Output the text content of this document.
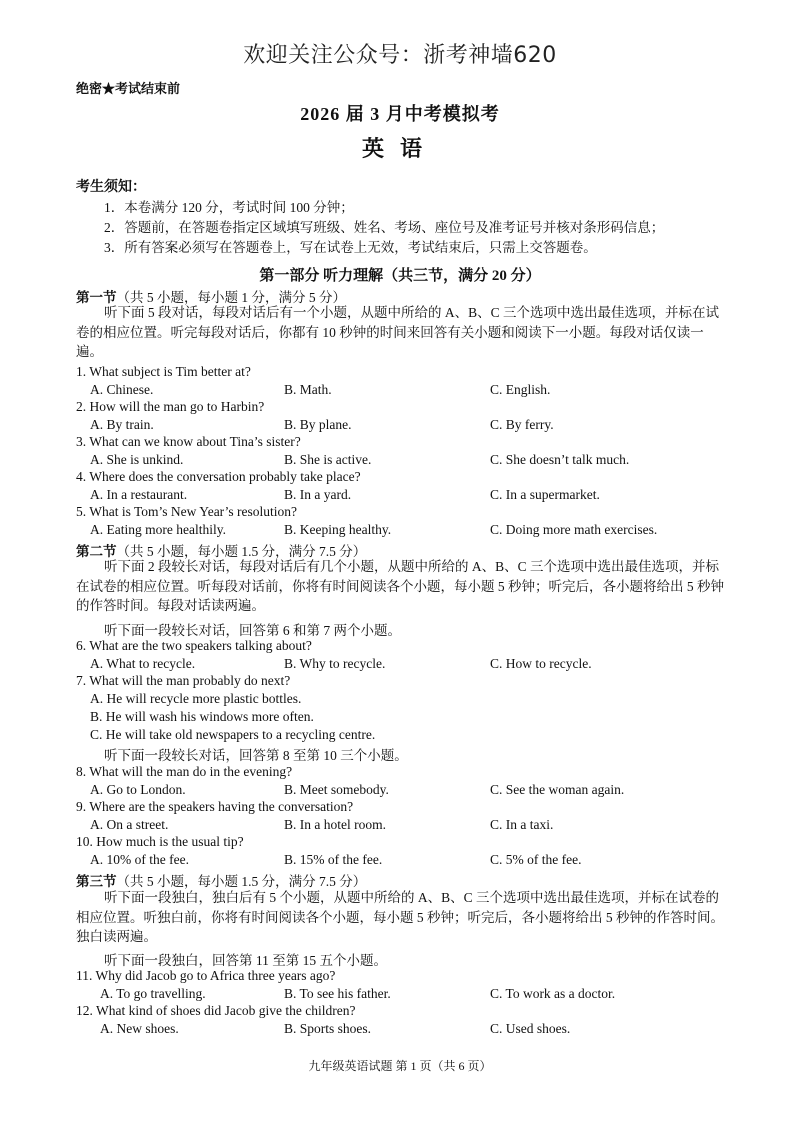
欢迎关注公众号：浙考神墙620
绝密★考试结束前
2026 届 3 月中考模拟考
英语
考生须知：
1．本卷满分 120 分，考试时间 100 分钟；
2．答题前，在答题卷指定区域填写班级、姓名、考场、座位号及准考证号并核对条形码信息；
3．所有答案必须写在答题卷上，写在试卷上无效，考试结束后，只需上交答题卷。
第一部分 听力理解（共三节，满分 20 分）
第一节（共 5 小题，每小题 1 分，满分 5 分）
听下面 5 段对话，每段对话后有一个小题，从题中所给的 A、B、C 三个选项中选出最佳选项，并标在试卷的相应位置。听完每段对话后，你都有 10 秒钟的时间来回答有关小题和阅读下一小题。每段对话仅读一遍。
1. What subject is Tim better at?
A. Chinese.	B. Math.	C. English.
2. How will the man go to Harbin?
A. By train.	B. By plane.	C. By ferry.
3. What can we know about Tina’s sister?
A. She is unkind.	B. She is active.	C. She doesn’t talk much.
4. Where does the conversation probably take place?
A. In a restaurant.	B. In a yard.	C. In a supermarket.
5. What is Tom’s New Year’s resolution?
A. Eating more healthily.	B. Keeping healthy.	C. Doing more math exercises.
第二节（共 5 小题，每小题 1.5 分，满分 7.5 分）
听下面 2 段较长对话，每段对话后有几个小题，从题中所给的 A、B、C 三个选项中选出最佳选项，并标在试卷的相应位置。听每段对话前，你将有时间阅读各个小题，每小题 5 秒钟；听完后，各小题将给出 5 秒钟的作答时间。每段对话读两遍。
听下面一段较长对话，回答第 6 和第 7 两个小题。
6. What are the two speakers talking about?
A. What to recycle.	B. Why to recycle.	C. How to recycle.
7. What will the man probably do next?
A. He will recycle more plastic bottles.
B. He will wash his windows more often.
C. He will take old newspapers to a recycling centre.
听下面一段较长对话，回答第 8 至第 10 三个小题。
8. What will the man do in the evening?
A. Go to London.	B. Meet somebody.	C. See the woman again.
9. Where are the speakers having the conversation?
A. On a street.	B. In a hotel room.	C. In a taxi.
10. How much is the usual tip?
A. 10% of the fee.	B. 15% of the fee.	C. 5% of the fee.
第三节（共 5 小题，每小题 1.5 分，满分 7.5 分）
听下面一段独白，独白后有 5 个小题，从题中所给的 A、B、C 三个选项中选出最佳选项，并标在试卷的相应位置。听独白前，你将有时间阅读各个小题，每小题 5 秒钟；听完后，各小题将给出 5 秒钟的作答时间。独白读两遍。
听下面一段独白，回答第 11 至第 15 五个小题。
11. Why did Jacob go to Africa three years ago?
A. To go travelling.	B. To see his father.	C. To work as a doctor.
12. What kind of shoes did Jacob give the children?
A. New shoes.	B. Sports shoes.	C. Used shoes.
九年级英语试题 第 1 页（共 6 页）
